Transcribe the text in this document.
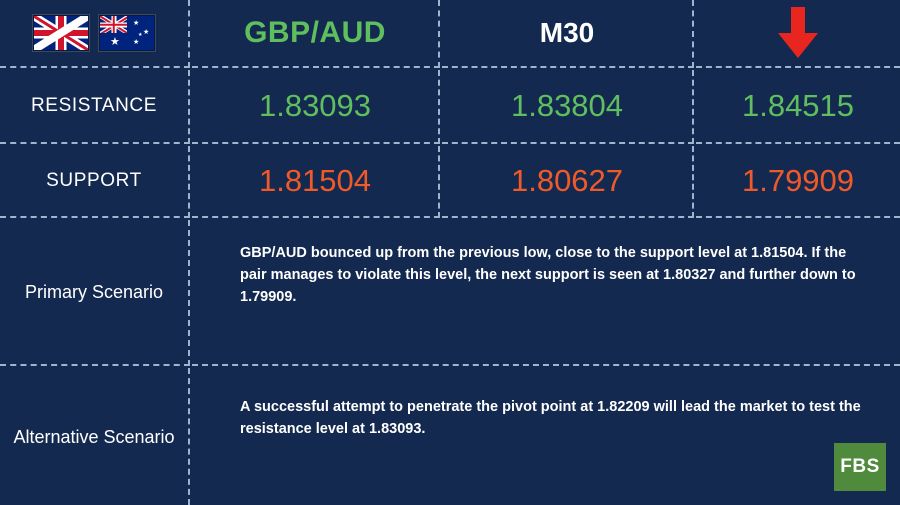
★
★
★
★
★	GBP/AUD	M30
RESISTANCE	1.83093	1.83804	1.84515
SUPPORT	1.81504	1.80627	1.79909
Primary Scenario
GBP/AUD bounced up from the previous low, close to the support level at 1.81504. If the pair manages to violate this level, the next support is seen at 1.80327 and further down to 1.79909.
Alternative Scenario
A successful attempt to penetrate the pivot point at 1.82209 will lead the market to test the resistance level at 1.83093.
FBS
